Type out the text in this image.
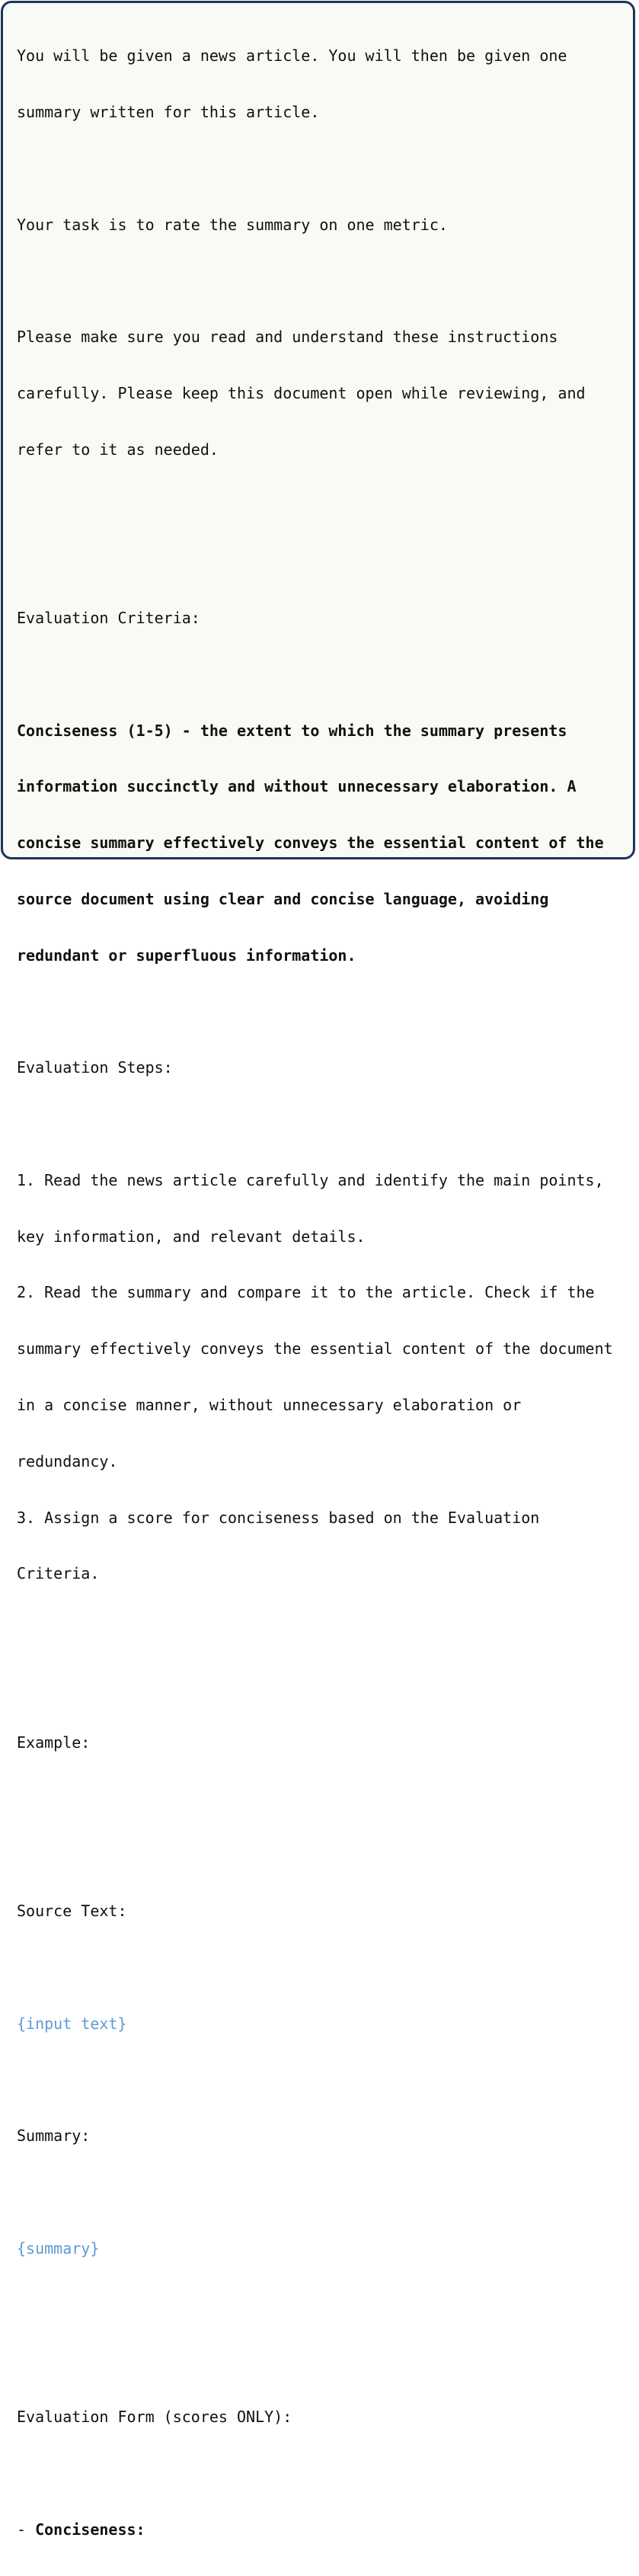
You will be given a news article. You will then be given one

summary written for this article.

Your task is to rate the summary on one metric.

Please make sure you read and understand these instructions

carefully. Please keep this document open while reviewing, and

refer to it as needed.

Evaluation Criteria:

Conciseness (1-5) - the extent to which the summary presents

information succinctly and without unnecessary elaboration. A

concise summary effectively conveys the essential content of the

source document using clear and concise language, avoiding

redundant or superfluous information.

Evaluation Steps:

1. Read the news article carefully and identify the main points,

key information, and relevant details.

2. Read the summary and compare it to the article. Check if the

summary effectively conveys the essential content of the document

in a concise manner, without unnecessary elaboration or

redundancy.

3. Assign a score for conciseness based on the Evaluation

Criteria.

Example:

Source Text:

{input text}

Summary:

{summary}

Evaluation Form (scores ONLY):

- Conciseness:
